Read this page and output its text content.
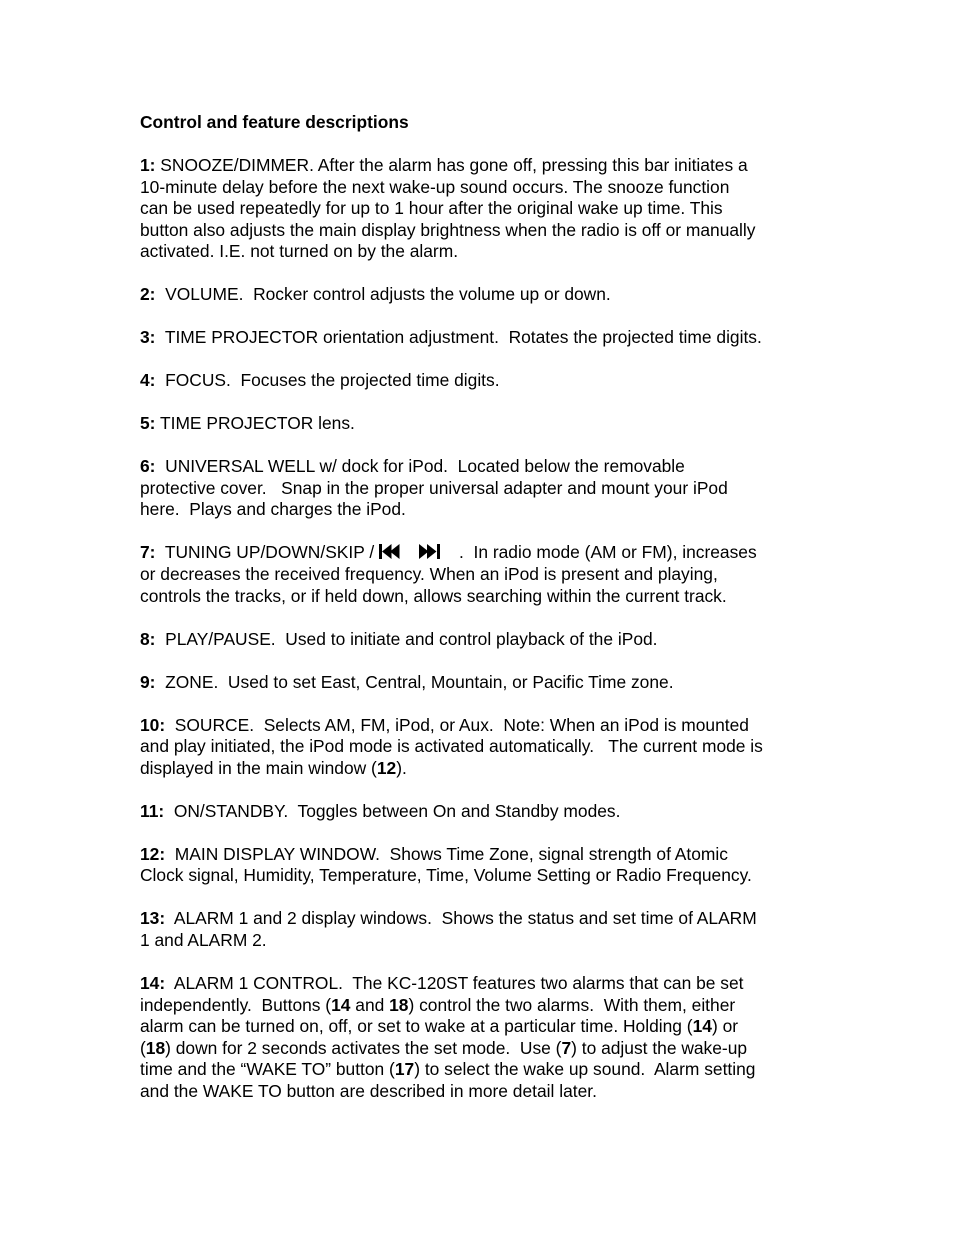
Control and feature descriptions

1: SNOOZE/DIMMER. After the alarm has gone off, pressing this bar initiates a

10-minute delay before the next wake-up sound occurs. The snooze function

can be used repeatedly for up to 1 hour after the original wake up time. This

button also adjusts the main display brightness when the radio is off or manually

activated. I.E. not turned on by the alarm.

2:  VOLUME.  Rocker control adjusts the volume up or down.

3:  TIME PROJECTOR orientation adjustment.  Rotates the projected time digits.

4:  FOCUS.  Focuses the projected time digits.

5: TIME PROJECTOR lens.

6:  UNIVERSAL WELL w/ dock for iPod.  Located below the removable

protective cover.   Snap in the proper universal adapter and mount your iPod

here.  Plays and charges the iPod.

7:  TUNING UP/DOWN/SKIP /	.  In radio mode (AM or FM), increases

or decreases the received frequency. When an iPod is present and playing,

controls the tracks, or if held down, allows searching within the current track.

8:  PLAY/PAUSE.  Used to initiate and control playback of the iPod.

9:  ZONE.  Used to set East, Central, Mountain, or Pacific Time zone.

10:  SOURCE.  Selects AM, FM, iPod, or Aux.  Note: When an iPod is mounted

and play initiated, the iPod mode is activated automatically.   The current mode is

displayed in the main window (12).

11:  ON/STANDBY.  Toggles between On and Standby modes.

12:  MAIN DISPLAY WINDOW.  Shows Time Zone, signal strength of Atomic

Clock signal, Humidity, Temperature, Time, Volume Setting or Radio Frequency.

13:  ALARM 1 and 2 display windows.  Shows the status and set time of ALARM

1 and ALARM 2.

14:  ALARM 1 CONTROL.  The KC-120ST features two alarms that can be set

independently.  Buttons (14 and 18) control the two alarms.  With them, either

alarm can be turned on, off, or set to wake at a particular time. Holding (14) or

(18) down for 2 seconds activates the set mode.  Use (7) to adjust the wake-up

time and the “WAKE TO” button (17) to select the wake up sound.  Alarm setting

and the WAKE TO button are described in more detail later.
